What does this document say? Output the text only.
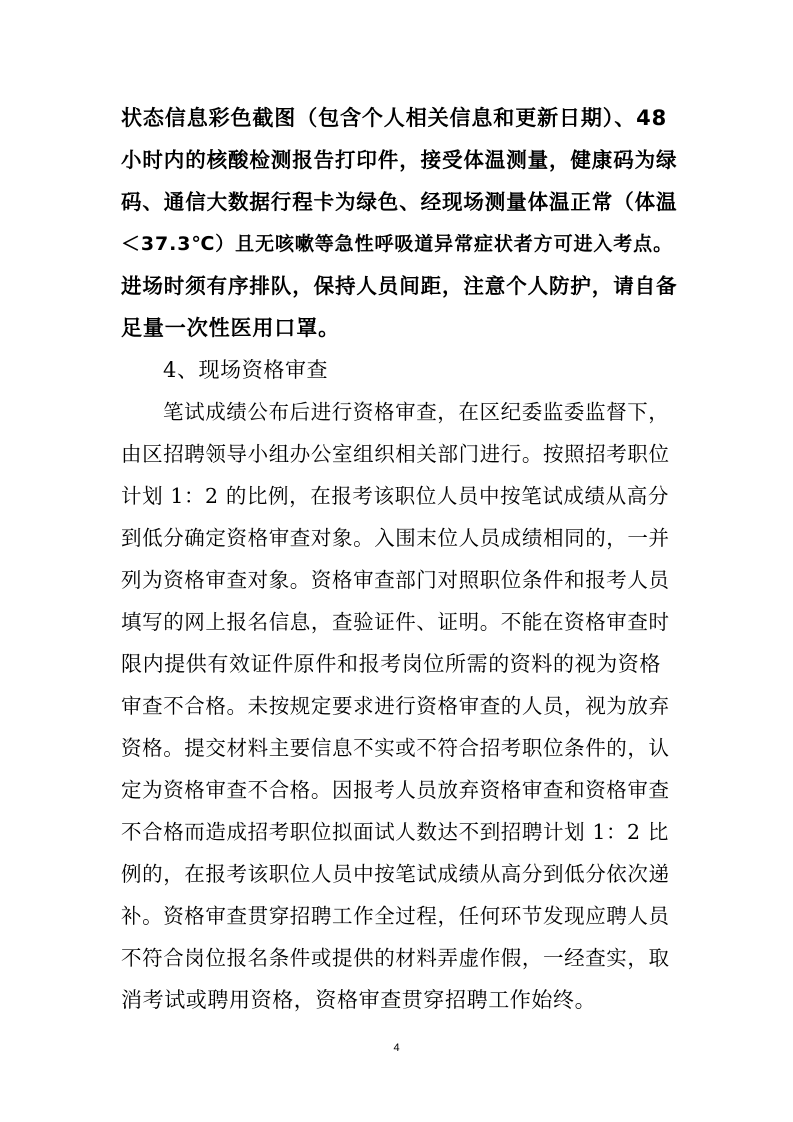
状态信息彩色截图（包含个人相关信息和更新日期）、48

小时内的核酸检测报告打印件，接受体温测量，健康码为绿

码、通信大数据行程卡为绿色、经现场测量体温正常（体温

＜37.3℃）且无咳嗽等急性呼吸道异常症状者方可进入考点。

进场时须有序排队，保持人员间距，注意个人防护，请自备

足量一次性医用口罩。

4、现场资格审查

笔试成绩公布后进行资格审查，在区纪委监委监督下，

由区招聘领导小组办公室组织相关部门进行。按照招考职位

计划 1：2 的比例，在报考该职位人员中按笔试成绩从高分

到低分确定资格审查对象。入围末位人员成绩相同的，一并

列为资格审查对象。资格审查部门对照职位条件和报考人员

填写的网上报名信息，查验证件、证明。不能在资格审查时

限内提供有效证件原件和报考岗位所需的资料的视为资格

审查不合格。未按规定要求进行资格审查的人员，视为放弃

资格。提交材料主要信息不实或不符合招考职位条件的，认

定为资格审查不合格。因报考人员放弃资格审查和资格审查

不合格而造成招考职位拟面试人数达不到招聘计划 1：2 比

例的，在报考该职位人员中按笔试成绩从高分到低分依次递

补。资格审查贯穿招聘工作全过程，任何环节发现应聘人员

不符合岗位报名条件或提供的材料弄虚作假，一经查实，取

消考试或聘用资格，资格审查贯穿招聘工作始终。

4
